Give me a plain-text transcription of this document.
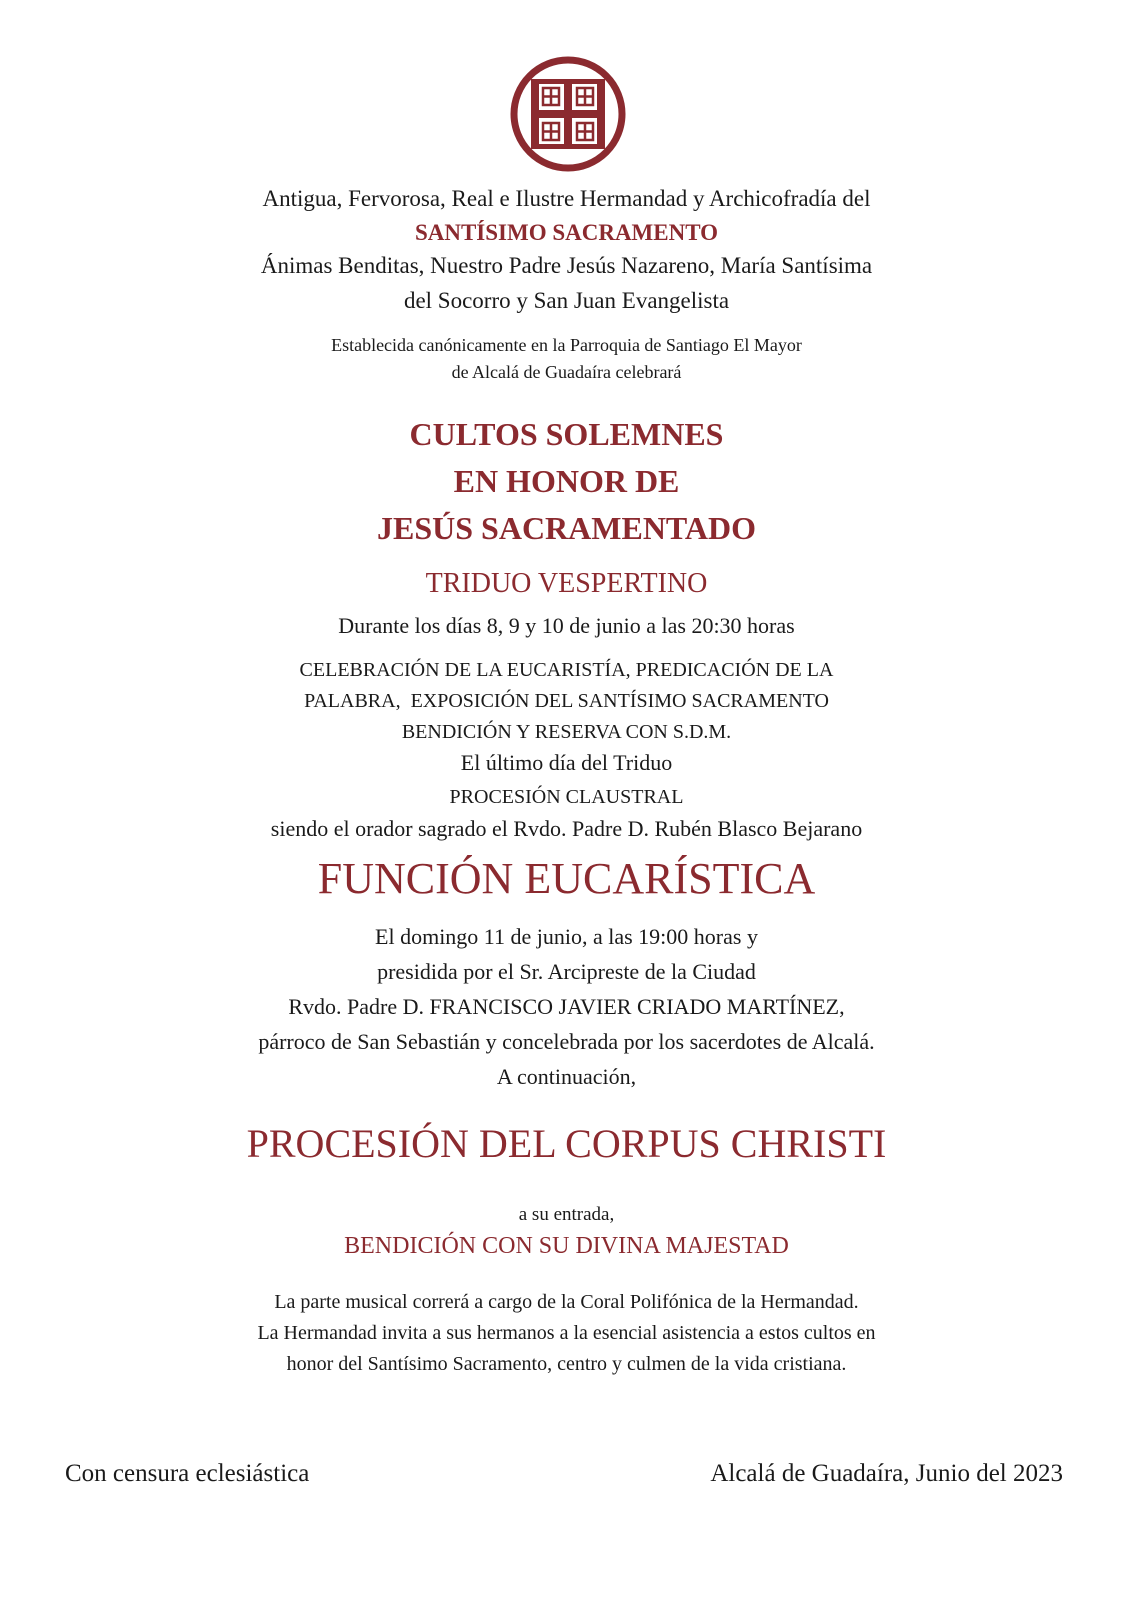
Antigua, Fervorosa, Real e Ilustre Hermandad y Archicofradía del
SANTÍSIMO SACRAMENTO
Ánimas Benditas, Nuestro Padre Jesús Nazareno, María Santísima
del Socorro y San Juan Evangelista
Establecida canónicamente en la Parroquia de Santiago El Mayor
de Alcalá de Guadaíra celebrará
CULTOS SOLEMNES
EN HONOR DE
JESÚS SACRAMENTADO
TRIDUO VESPERTINO
Durante los días 8, 9 y 10 de junio a las 20:30 horas
CELEBRACIÓN DE LA EUCARISTÍA, PREDICACIÓN DE LA
PALABRA,  EXPOSICIÓN DEL SANTÍSIMO SACRAMENTO
BENDICIÓN Y RESERVA CON S.D.M.
El último día del Triduo
PROCESIÓN CLAUSTRAL
siendo el orador sagrado el Rvdo. Padre D. Rubén Blasco Bejarano
FUNCIÓN EUCARÍSTICA
El domingo 11 de junio, a las 19:00 horas y
presidida por el Sr. Arcipreste de la Ciudad
Rvdo. Padre D. FRANCISCO JAVIER CRIADO MARTÍNEZ,
párroco de San Sebastián y concelebrada por los sacerdotes de Alcalá.
A continuación,
PROCESIÓN DEL CORPUS CHRISTI
a su entrada,
BENDICIÓN CON SU DIVINA MAJESTAD
La parte musical correrá a cargo de la Coral Polifónica de la Hermandad.
La Hermandad invita a sus hermanos a la esencial asistencia a estos cultos en
honor del Santísimo Sacramento, centro y culmen de la vida cristiana.
Con censura eclesiástica	Alcalá de Guadaíra, Junio del 2023
